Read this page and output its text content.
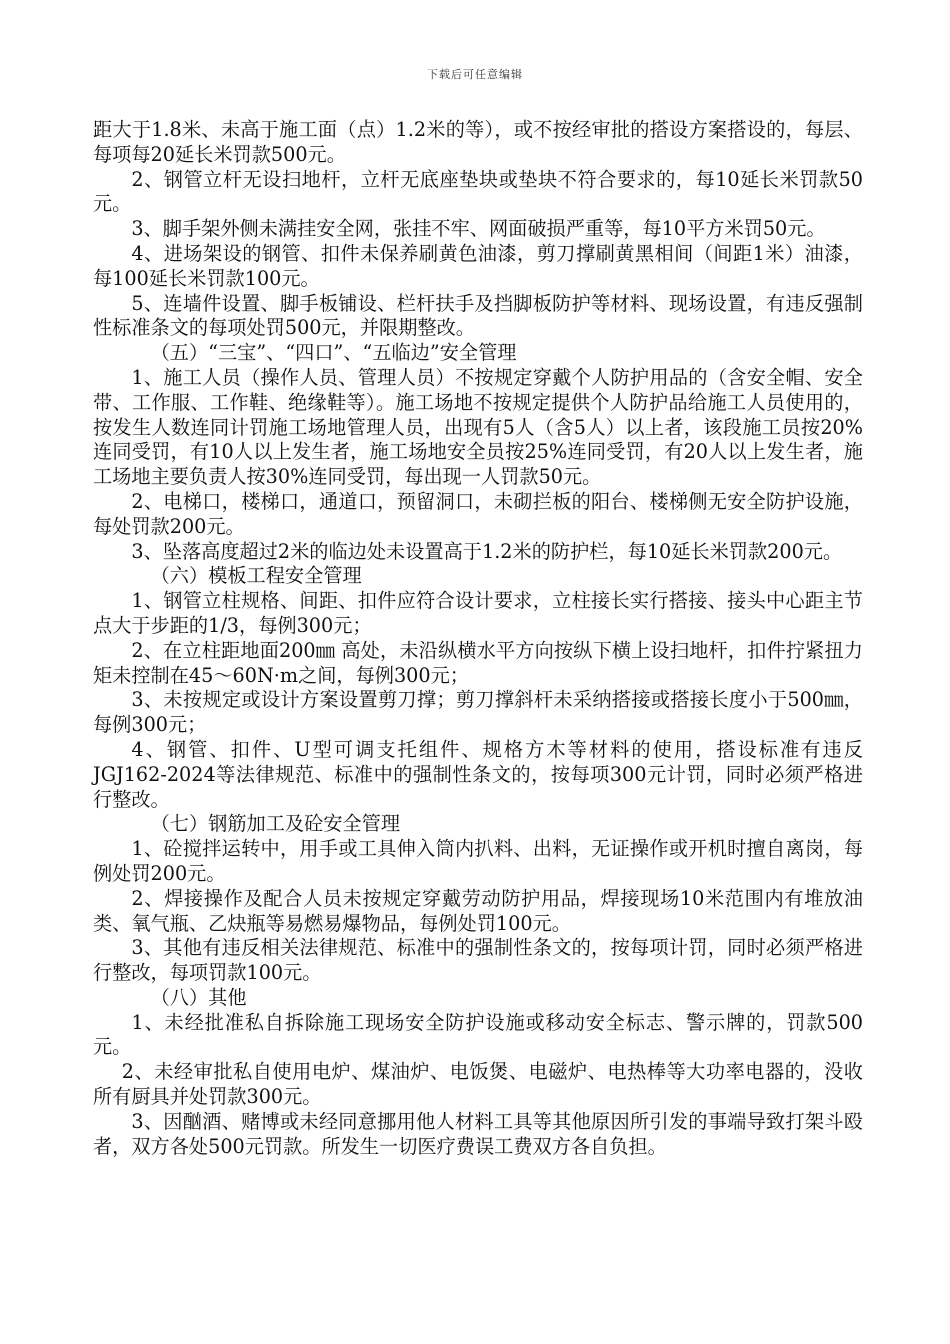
下载后可任意编辑

距大于1.8米、未高于施工面（点）1.2米的等），或不按经审批的搭设方案搭设的，每层、每项每20延长米罚款500元。

2、钢管立杆无设扫地杆，立杆无底座垫块或垫块不符合要求的，每10延长米罚款50元。

3、脚手架外侧未满挂安全网，张挂不牢、网面破损严重等，每10平方米罚50元。

4、进场架设的钢管、扣件未保养刷黄色油漆，剪刀撑刷黄黑相间（间距1米）油漆，每100延长米罚款100元。

5、连墙件设置、脚手板铺设、栏杆扶手及挡脚板防护等材料、现场设置，有违反强制性标准条文的每项处罚500元，并限期整改。

（五）“三宝”、“四口”、“五临边”安全管理

1、施工人员（操作人员、管理人员）不按规定穿戴个人防护用品的（含安全帽、安全带、工作服、工作鞋、绝缘鞋等）。施工场地不按规定提供个人防护品给施工人员使用的，按发生人数连同计罚施工场地管理人员，出现有5人（含5人）以上者，该段施工员按20%连同受罚，有10人以上发生者，施工场地安全员按25%连同受罚，有20人以上发生者，施工场地主要负责人按30%连同受罚，每出现一人罚款50元。

2、电梯口，楼梯口，通道口，预留洞口，未砌拦板的阳台、楼梯侧无安全防护设施，每处罚款200元。

3、坠落高度超过2米的临边处未设置高于1.2米的防护栏，每10延长米罚款200元。

（六）模板工程安全管理

1、钢管立柱规格、间距、扣件应符合设计要求，立柱接长实行搭接、接头中心距主节点大于步距的1/3，每例300元；

2、在立柱距地面200㎜ 高处，未沿纵横水平方向按纵下横上设扫地杆，扣件拧紧扭力矩未控制在45～60N·m之间，每例300元；

3、未按规定或设计方案设置剪刀撑；剪刀撑斜杆未采纳搭接或搭接长度小于500㎜，每例300元；

4、钢管、扣件、U型可调支托组件、规格方木等材料的使用，搭设标准有违反JGJ162-2024等法律规范、标准中的强制性条文的，按每项300元计罚，同时必须严格进行整改。

（七）钢筋加工及砼安全管理

1、砼搅拌运转中，用手或工具伸入筒内扒料、出料，无证操作或开机时擅自离岗，每例处罚200元。

2、焊接操作及配合人员未按规定穿戴劳动防护用品，焊接现场10米范围内有堆放油类、氧气瓶、乙炔瓶等易燃易爆物品，每例处罚100元。

3、其他有违反相关法律规范、标准中的强制性条文的，按每项计罚，同时必须严格进行整改，每项罚款100元。

（八）其他

1、未经批准私自拆除施工现场安全防护设施或移动安全标志、警示牌的，罚款500元。

2、未经审批私自使用电炉、煤油炉、电饭煲、电磁炉、电热棒等大功率电器的，没收所有厨具并处罚款300元。

3、因酗酒、赌博或未经同意挪用他人材料工具等其他原因所引发的事端导致打架斗殴者，双方各处500元罚款。所发生一切医疗费误工费双方各自负担。
